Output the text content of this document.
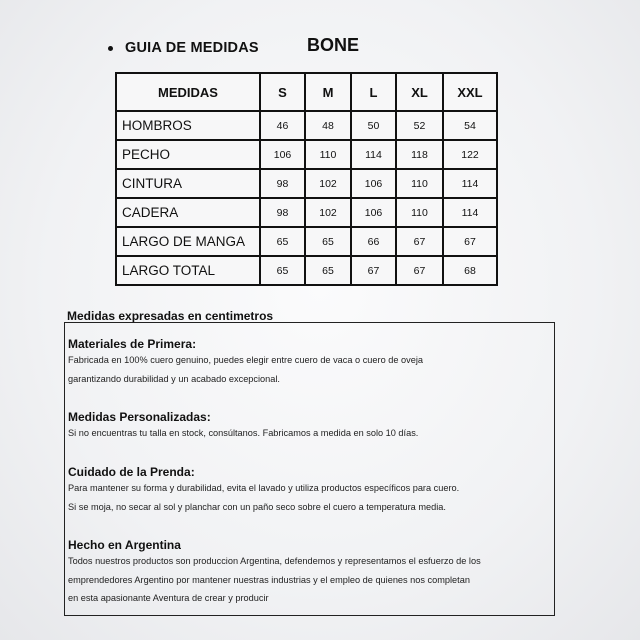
GUIA DE MEDIDAS	BONE
MEDIDAS	S	M	L	XL	XXL
HOMBROS	46	48	50	52	54
PECHO	106	110	114	118	122
CINTURA	98	102	106	110	114
CADERA	98	102	106	110	114
LARGO DE MANGA	65	65	66	67	67
LARGO TOTAL	65	65	67	67	68
Medidas expresadas en centimetros
Materiales de Primera:

Fabricada en 100% cuero genuino, puedes elegir entre cuero de vaca o cuero de oveja

garantizando durabilidad y un acabado excepcional.

Medidas Personalizadas:

Si no encuentras tu talla en stock, consúltanos. Fabricamos a medida en solo 10 días.

Cuidado de la Prenda:

Para mantener su forma y durabilidad, evita el lavado y utiliza productos específicos para cuero.

Si se moja, no secar al sol y planchar con un paño seco sobre el cuero a temperatura media.

Hecho en Argentina

Todos nuestros productos son produccion Argentina, defendemos y representamos el esfuerzo de los

emprendedores Argentino por mantener nuestras industrias y el empleo de quienes nos completan

en esta apasionante Aventura de crear y producir
